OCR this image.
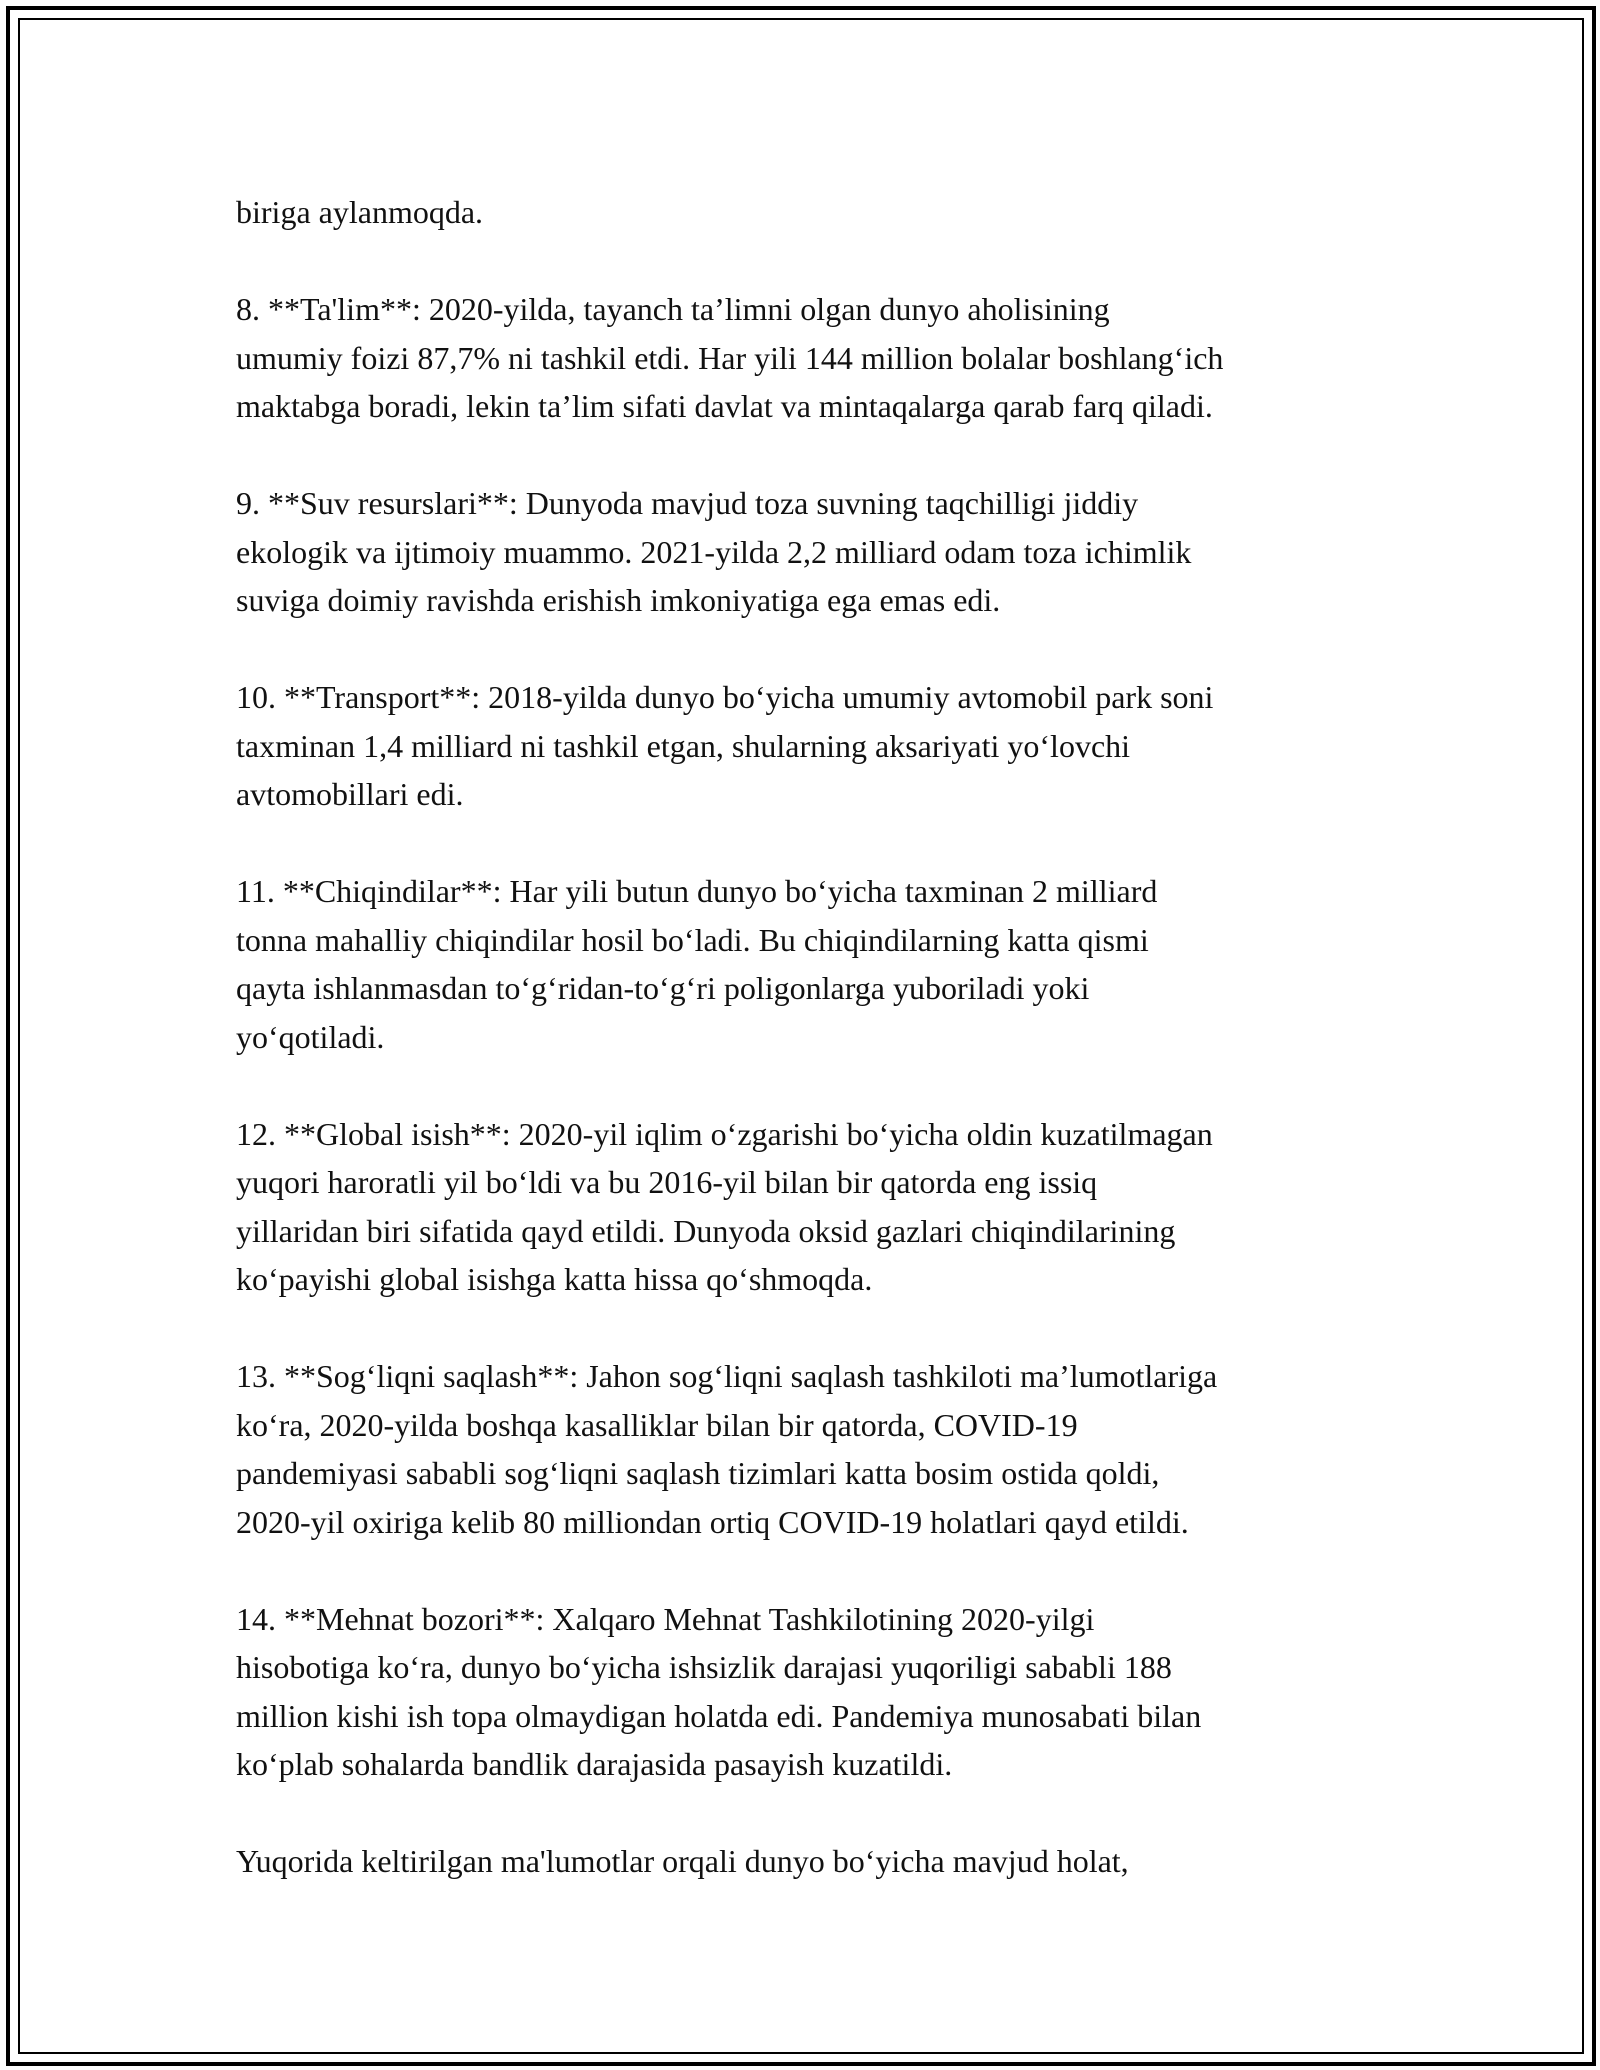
biriga aylanmoqda.

8. **Ta'lim**: 2020-yilda, tayanch ta’limni olgan dunyo aholisining
umumiy foizi 87,7% ni tashkil etdi. Har yili 144 million bolalar boshlang‘ich
maktabga boradi, lekin ta’lim sifati davlat va mintaqalarga qarab farq qiladi.

9. **Suv resurslari**: Dunyoda mavjud toza suvning taqchilligi jiddiy
ekologik va ijtimoiy muammo. 2021-yilda 2,2 milliard odam toza ichimlik
suviga doimiy ravishda erishish imkoniyatiga ega emas edi.

10. **Transport**: 2018-yilda dunyo bo‘yicha umumiy avtomobil park soni
taxminan 1,4 milliard ni tashkil etgan, shularning aksariyati yo‘lovchi
avtomobillari edi.

11. **Chiqindilar**: Har yili butun dunyo bo‘yicha taxminan 2 milliard
tonna mahalliy chiqindilar hosil bo‘ladi. Bu chiqindilarning katta qismi
qayta ishlanmasdan to‘g‘ridan-to‘g‘ri poligonlarga yuboriladi yoki
yo‘qotiladi.

12. **Global isish**: 2020-yil iqlim o‘zgarishi bo‘yicha oldin kuzatilmagan
yuqori haroratli yil bo‘ldi va bu 2016-yil bilan bir qatorda eng issiq
yillaridan biri sifatida qayd etildi. Dunyoda oksid gazlari chiqindilarining
ko‘payishi global isishga katta hissa qo‘shmoqda.

13. **Sog‘liqni saqlash**: Jahon sog‘liqni saqlash tashkiloti ma’lumotlariga
ko‘ra, 2020-yilda boshqa kasalliklar bilan bir qatorda, COVID-19
pandemiyasi sababli sog‘liqni saqlash tizimlari katta bosim ostida qoldi,
2020-yil oxiriga kelib 80 milliondan ortiq COVID-19 holatlari qayd etildi.

14. **Mehnat bozori**: Xalqaro Mehnat Tashkilotining 2020-yilgi
hisobotiga ko‘ra, dunyo bo‘yicha ishsizlik darajasi yuqoriligi sababli 188
million kishi ish topa olmaydigan holatda edi. Pandemiya munosabati bilan
ko‘plab sohalarda bandlik darajasida pasayish kuzatildi.

Yuqorida keltirilgan ma'lumotlar orqali dunyo bo‘yicha mavjud holat,
